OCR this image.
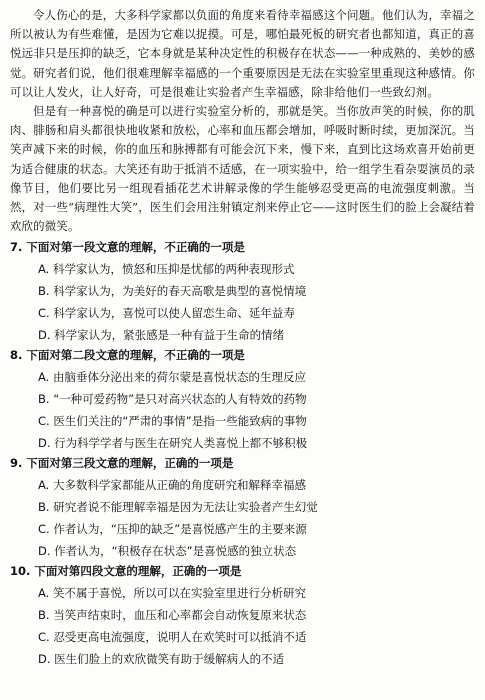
令人伤心的是，大多科学家都以负面的角度来看待幸福感这个问题。他们认为，幸福之所以被认为有些难懂，是因为它难以捉摸。可是，哪怕最死板的研究者也都知道，真正的喜悦远非只是压抑的缺乏，它本身就是某种决定性的积极存在状态——一种成熟的、美妙的感觉。研究者们说，他们很难理解幸福感的一个重要原因是无法在实验室里重现这种感情。你可以让人发火，让人好奇，可是很难让实验者产生幸福感，除非给他们一些致幻剂。

但是有一种喜悦的确是可以进行实验室分析的，那就是笑。当你放声笑的时候，你的肌肉、腓肠和肩头都很快地收紧和放松，心率和血压都会增加，呼吸时断时续，更加深沉。当笑声减下来的时候，你的血压和脉搏都有可能会沉下来，慢下来，直到比这场欢喜开始前更为适合健康的状态。大笑还有助于抵消不适感，在一项实验中，给一组学生看杂耍演员的录像节目，他们要比另一组现看插花艺术讲解录像的学生能够忍受更高的电流强度刺激。当然，对一些“病理性大笑”，医生们会用注射镇定剂来停止它——这时医生们的脸上会凝结着欢欣的微笑。

7. 下面对第一段文意的理解，不正确的一项是
A. 科学家认为，愤怒和压抑是忧郁的两种表现形式
B. 科学家认为，为美好的春天高歌是典型的喜悦情境
C. 科学家认为，喜悦可以使人留恋生命、延年益寿
D. 科学家认为，紧张感是一种有益于生命的情绪
8. 下面对第二段文意的理解，不正确的一项是
A. 由脑垂体分泌出来的荷尔蒙是喜悦状态的生理反应
B. “一种可爱药物”是只对高兴状态的人有特效的药物
C. 医生们关注的“严肃的事情”是指一些能致病的事物
D. 行为科学学者与医生在研究人类喜悦上都不够积极
9. 下面对第三段文意的理解，正确的一项是
A. 大多数科学家都能从正确的角度研究和解释幸福感
B. 研究者说不能理解幸福是因为无法让实验者产生幻觉
C. 作者认为，“压抑的缺乏”是喜悦感产生的主要来源
D. 作者认为，“积极存在状态”是喜悦感的独立状态
10. 下面对第四段文意的理解，正确的一项是
A. 笑不属于喜悦，所以可以在实验室里进行分析研究
B. 当笑声结束时，血压和心率都会自动恢复原来状态
C. 忍受更高电流强度，说明人在欢笑时可以抵消不适
D. 医生们脸上的欢欣微笑有助于缓解病人的不适
